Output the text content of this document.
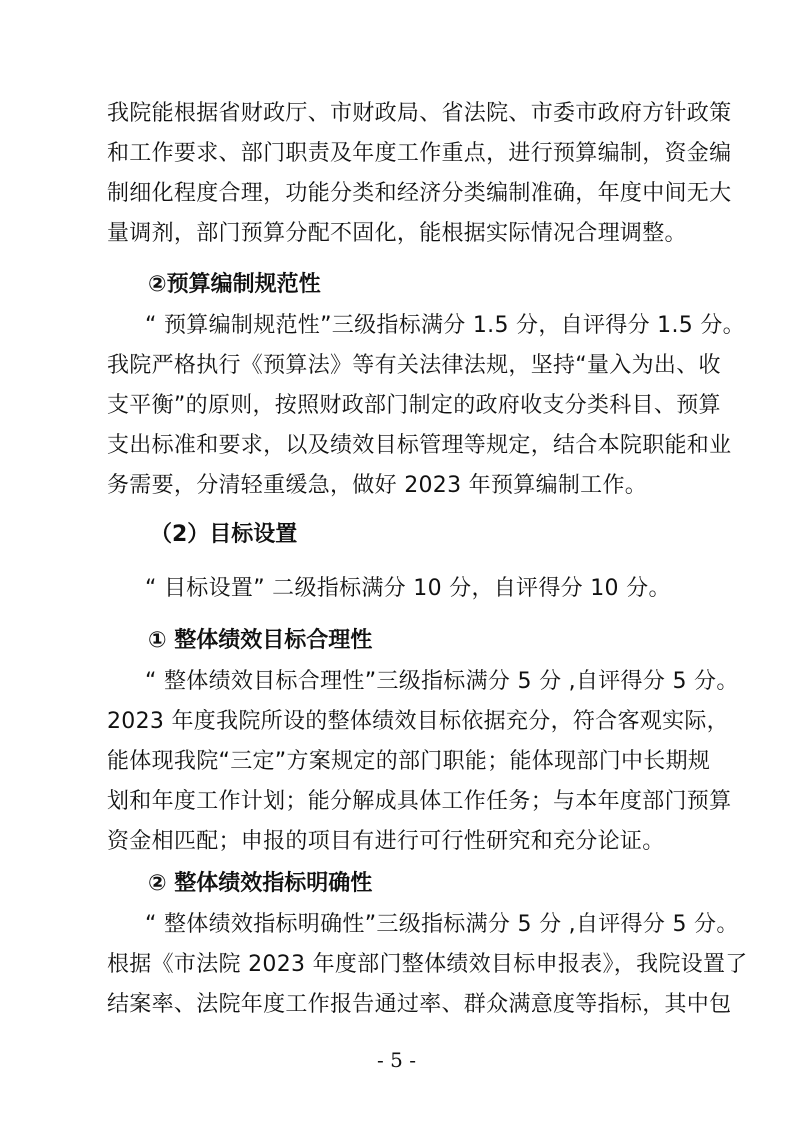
我院能根据省财政厅、市财政局、省法院、市委市政府方针政策
和工作要求、部门职责及年度工作重点，进行预算编制，资金编
制细化程度合理，功能分类和经济分类编制准确，年度中间无大
量调剂，部门预算分配不固化，能根据实际情况合理调整。
②预算编制规范性
“ 预算编制规范性”三级指标满分 1.5 分，自评得分 1.5 分。
我院严格执行《预算法》等有关法律法规，坚持“量入为出、收
支平衡”的原则，按照财政部门制定的政府收支分类科目、预算
支出标准和要求，以及绩效目标管理等规定，结合本院职能和业
务需要，分清轻重缓急，做好 2023 年预算编制工作。
（2）目标设置
“ 目标设置” 二级指标满分 10 分，自评得分 10 分。
① 整体绩效目标合理性
“ 整体绩效目标合理性”三级指标满分 5 分 ,自评得分 5 分。
2023 年度我院所设的整体绩效目标依据充分，符合客观实际，
能体现我院“三定”方案规定的部门职能；能体现部门中长期规
划和年度工作计划；能分解成具体工作任务；与本年度部门预算
资金相匹配；申报的项目有进行可行性研究和充分论证。
② 整体绩效指标明确性
“ 整体绩效指标明确性”三级指标满分 5 分 ,自评得分 5 分。
根据《市法院 2023 年度部门整体绩效目标申报表》，我院设置了
结案率、法院年度工作报告通过率、群众满意度等指标，其中包
- 5 -
